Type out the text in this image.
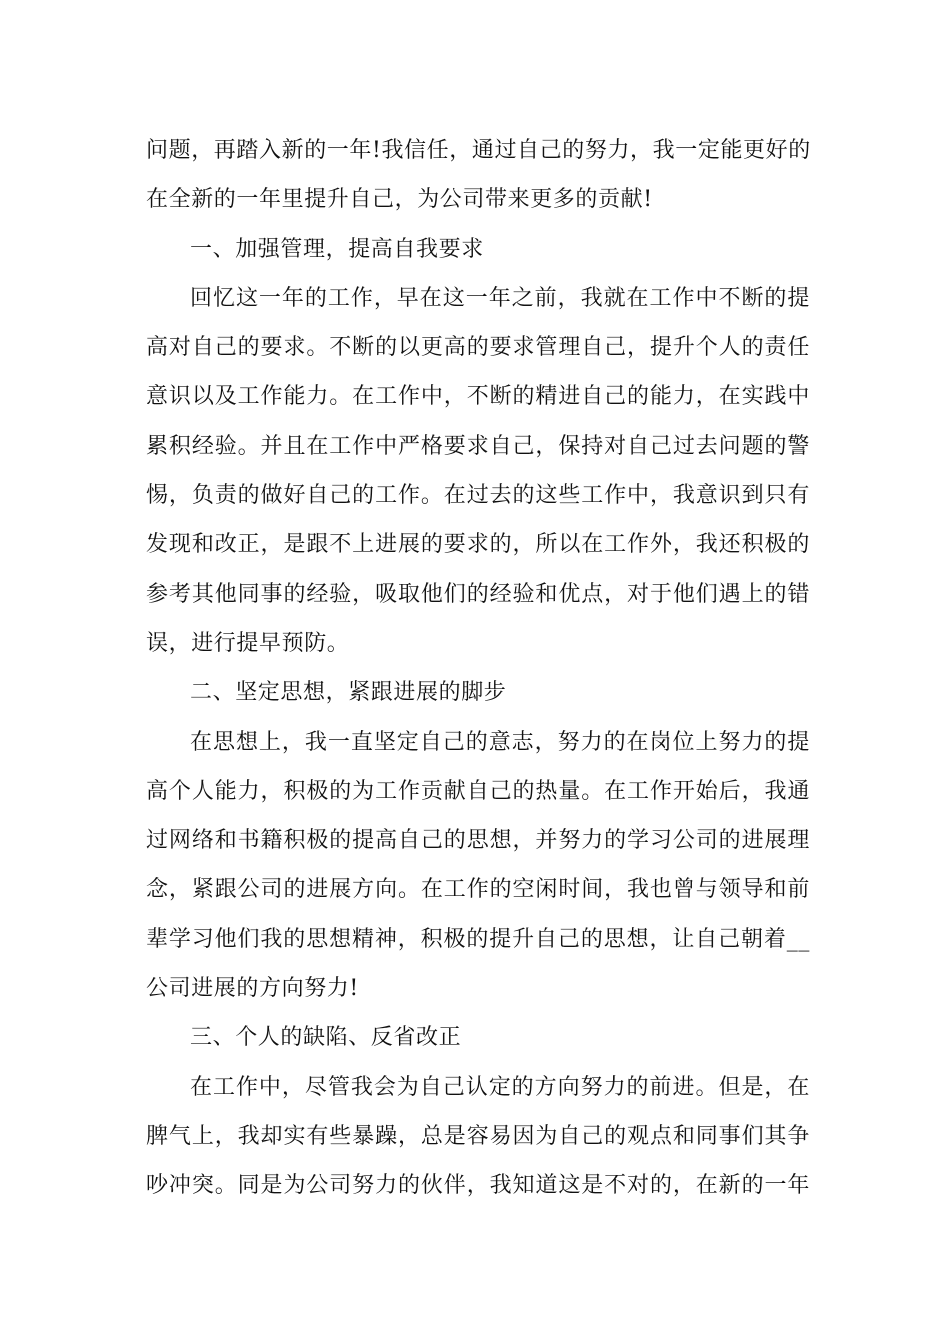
问题，再踏入新的一年!我信任，通过自己的努力，我一定能更好的
在全新的一年里提升自己，为公司带来更多的贡献!
一、加强管理，提高自我要求
回忆这一年的工作，早在这一年之前，我就在工作中不断的提
高对自己的要求。不断的以更高的要求管理自己，提升个人的责任
意识以及工作能力。在工作中，不断的精进自己的能力，在实践中
累积经验。并且在工作中严格要求自己，保持对自己过去问题的警
惕，负责的做好自己的工作。在过去的这些工作中，我意识到只有
发现和改正，是跟不上进展的要求的，所以在工作外，我还积极的
参考其他同事的经验，吸取他们的经验和优点，对于他们遇上的错
误，进行提早预防。
二、坚定思想，紧跟进展的脚步
在思想上，我一直坚定自己的意志，努力的在岗位上努力的提
高个人能力，积极的为工作贡献自己的热量。在工作开始后，我通
过网络和书籍积极的提高自己的思想，并努力的学习公司的进展理
念，紧跟公司的进展方向。在工作的空闲时间，我也曾与领导和前
辈学习他们我的思想精神，积极的提升自己的思想，让自己朝着__
公司进展的方向努力!
三、个人的缺陷、反省改正
在工作中，尽管我会为自己认定的方向努力的前进。但是，在
脾气上，我却实有些暴躁，总是容易因为自己的观点和同事们其争
吵冲突。同是为公司努力的伙伴，我知道这是不对的，在新的一年
